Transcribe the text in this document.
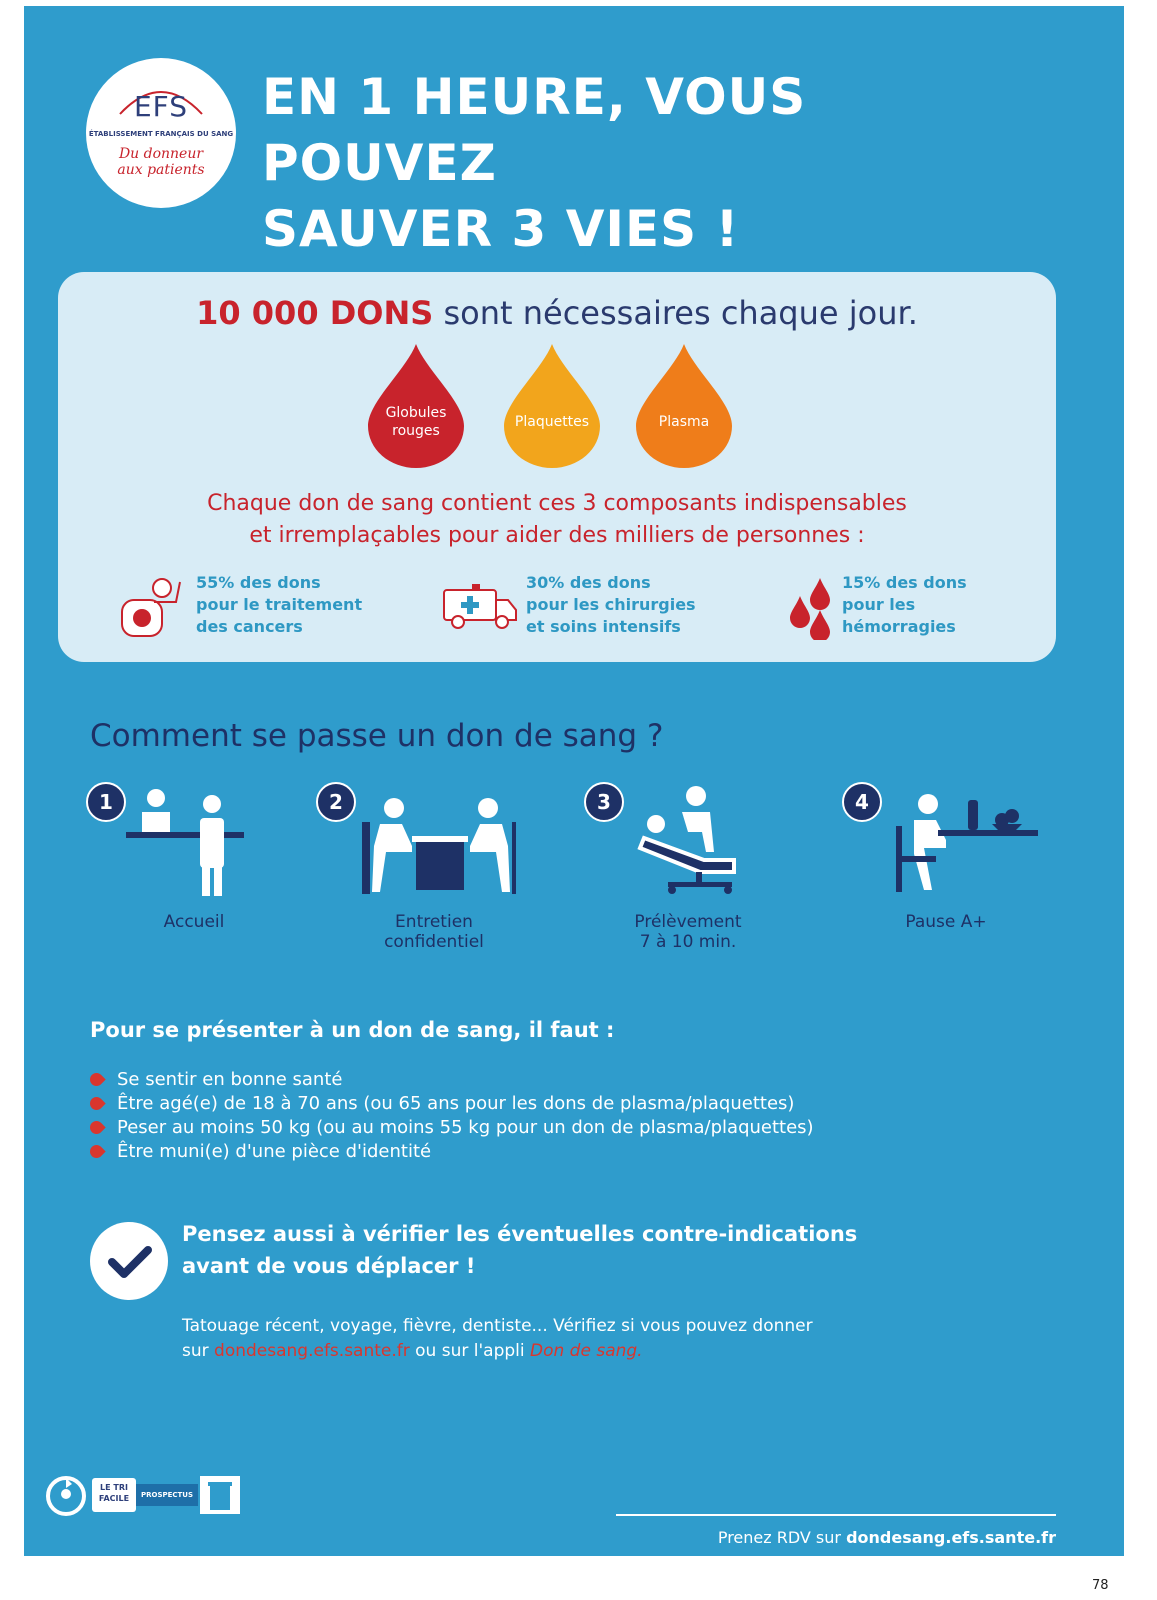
EFS
ÉTABLISSEMENT FRANÇAIS DU SANG
Du donneur
aux patients
EN 1 HEURE, VOUS POUVEZ
SAUVER 3 VIES !
10 000 DONS sont nécessaires chaque jour.
Globules
rouges
Plaquettes	Plasma
Chaque don de sang contient ces 3 composants indispensables
et irremplaçables pour aider des milliers de personnes :
55% des dons
pour le traitement
des cancers
30% des dons
pour les chirurgies
et soins intensifs
15% des dons
pour les
hémorragies
Comment se passe un don de sang ?
1	2	3	4
Accueil	Entretien
confidentiel
Prélèvement
7 à 10 min.
Pause A+
Pour se présenter à un don de sang, il faut :
Se sentir en bonne santé
Être agé(e) de 18 à 70 ans (ou 65 ans pour les dons de plasma/plaquettes)
Peser au moins 50 kg (ou au moins 55 kg pour un don de plasma/plaquettes)
Être muni(e) d'une pièce d'identité
Pensez aussi à vérifier les éventuelles contre-indications
avant de vous déplacer !
Tatouage récent, voyage, fièvre, dentiste... Vérifiez si vous pouvez donner
sur dondesang.efs.sante.fr ou sur l'appli Don de sang.
LE TRI
FACILE	PROSPECTUS
Prenez RDV sur dondesang.efs.sante.fr
78
